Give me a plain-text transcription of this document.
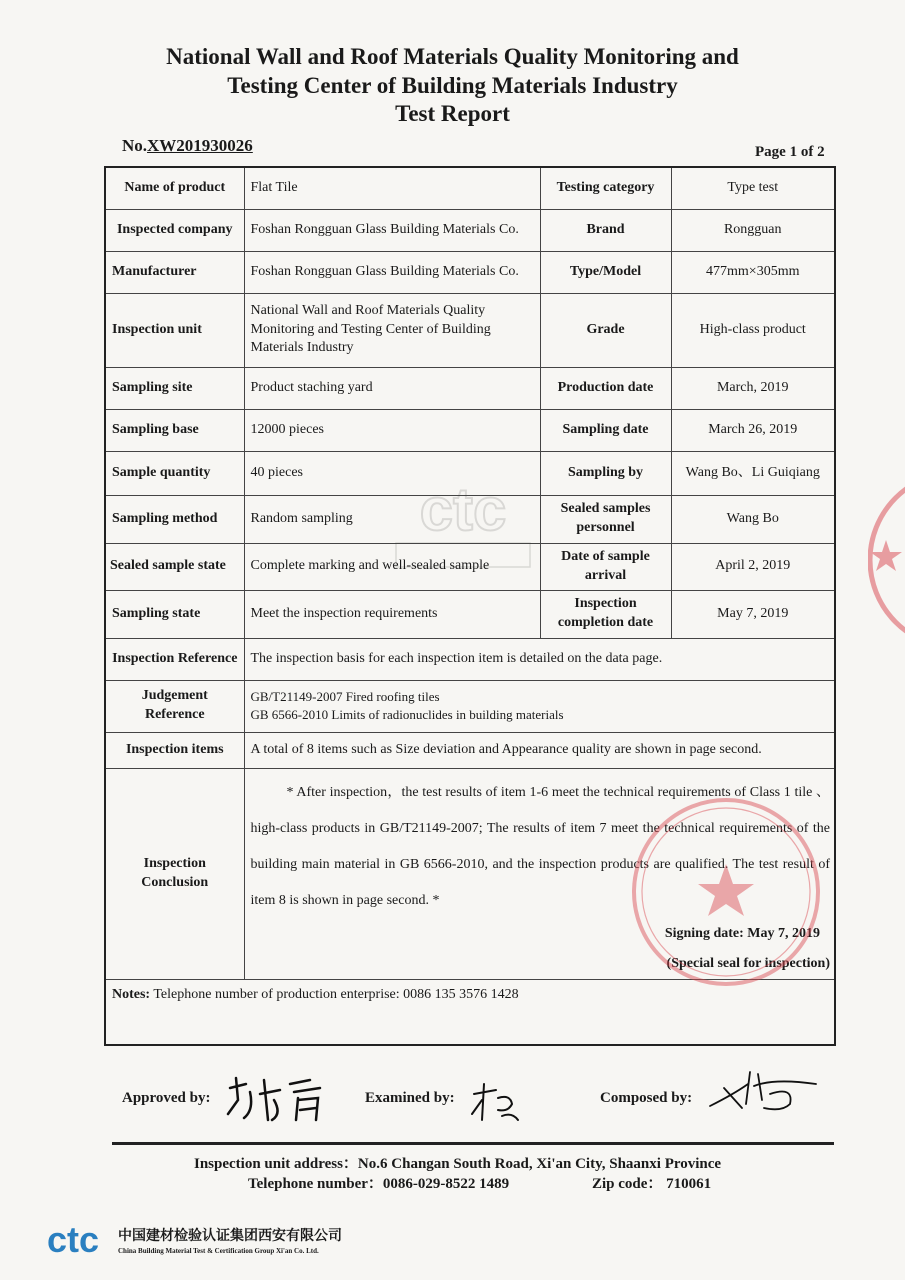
National Wall and Roof Materials Quality Monitoring and
Testing Center of Building Materials Industry
Test Report
No.XW201930026	Page 1 of 2
ctc
Name of product	Flat Tile	Testing category	Type test
Inspected company	Foshan Rongguan Glass Building Materials Co.	Brand	Rongguan
Manufacturer	Foshan Rongguan Glass Building Materials Co.	Type/Model	477mm×305mm
Inspection unit	National Wall and Roof Materials Quality Monitoring and Testing Center of Building Materials Industry	Grade	High-class product
Sampling site	Product staching yard	Production date	March, 2019
Sampling base	12000 pieces	Sampling date	March 26, 2019
Sample quantity	40 pieces	Sampling by	Wang Bo、Li Guiqiang
Sampling method	Random sampling	Sealed samples personnel	Wang Bo
Sealed sample state	Complete marking and well-sealed sample	Date of sample arrival	April 2, 2019
Sampling state	Meet the inspection requirements	Inspection completion date	May 7, 2019
Inspection Reference	The inspection basis for each inspection item is detailed on the data page.		
Judgement Reference	GB/T21149-2007 Fired roofing tiles
GB 6566-2010 Limits of radionuclides in building materials		

Inspection items	A total of 8 items such as Size deviation and Appearance quality are shown in page second.		
Inspection Conclusion	* After inspection，the test results of item 1-6 meet the technical requirements of Class 1 tile 、 high-class products in GB/T21149-2007; The results of item 7 meet the technical requirements of the building main material in GB 6566-2010, and the inspection products are qualified. The test result of item 8 is shown in page second. *

Signing date: May 7, 2019

(Special seal for inspection)		

Notes: Telephone number of production enterprise: 0086 135 3576 1428			
Approved by:	Examined by:	Composed by:
Inspection unit address：No.6 Changan South Road, Xi'an City, Shaanxi Province
Telephone number：0086-029-8522 1489	Zip code： 710061
ctc 中国建材检验认证集团西安有限公司
China Building Material Test & Certification Group Xi'an Co. Ltd.
